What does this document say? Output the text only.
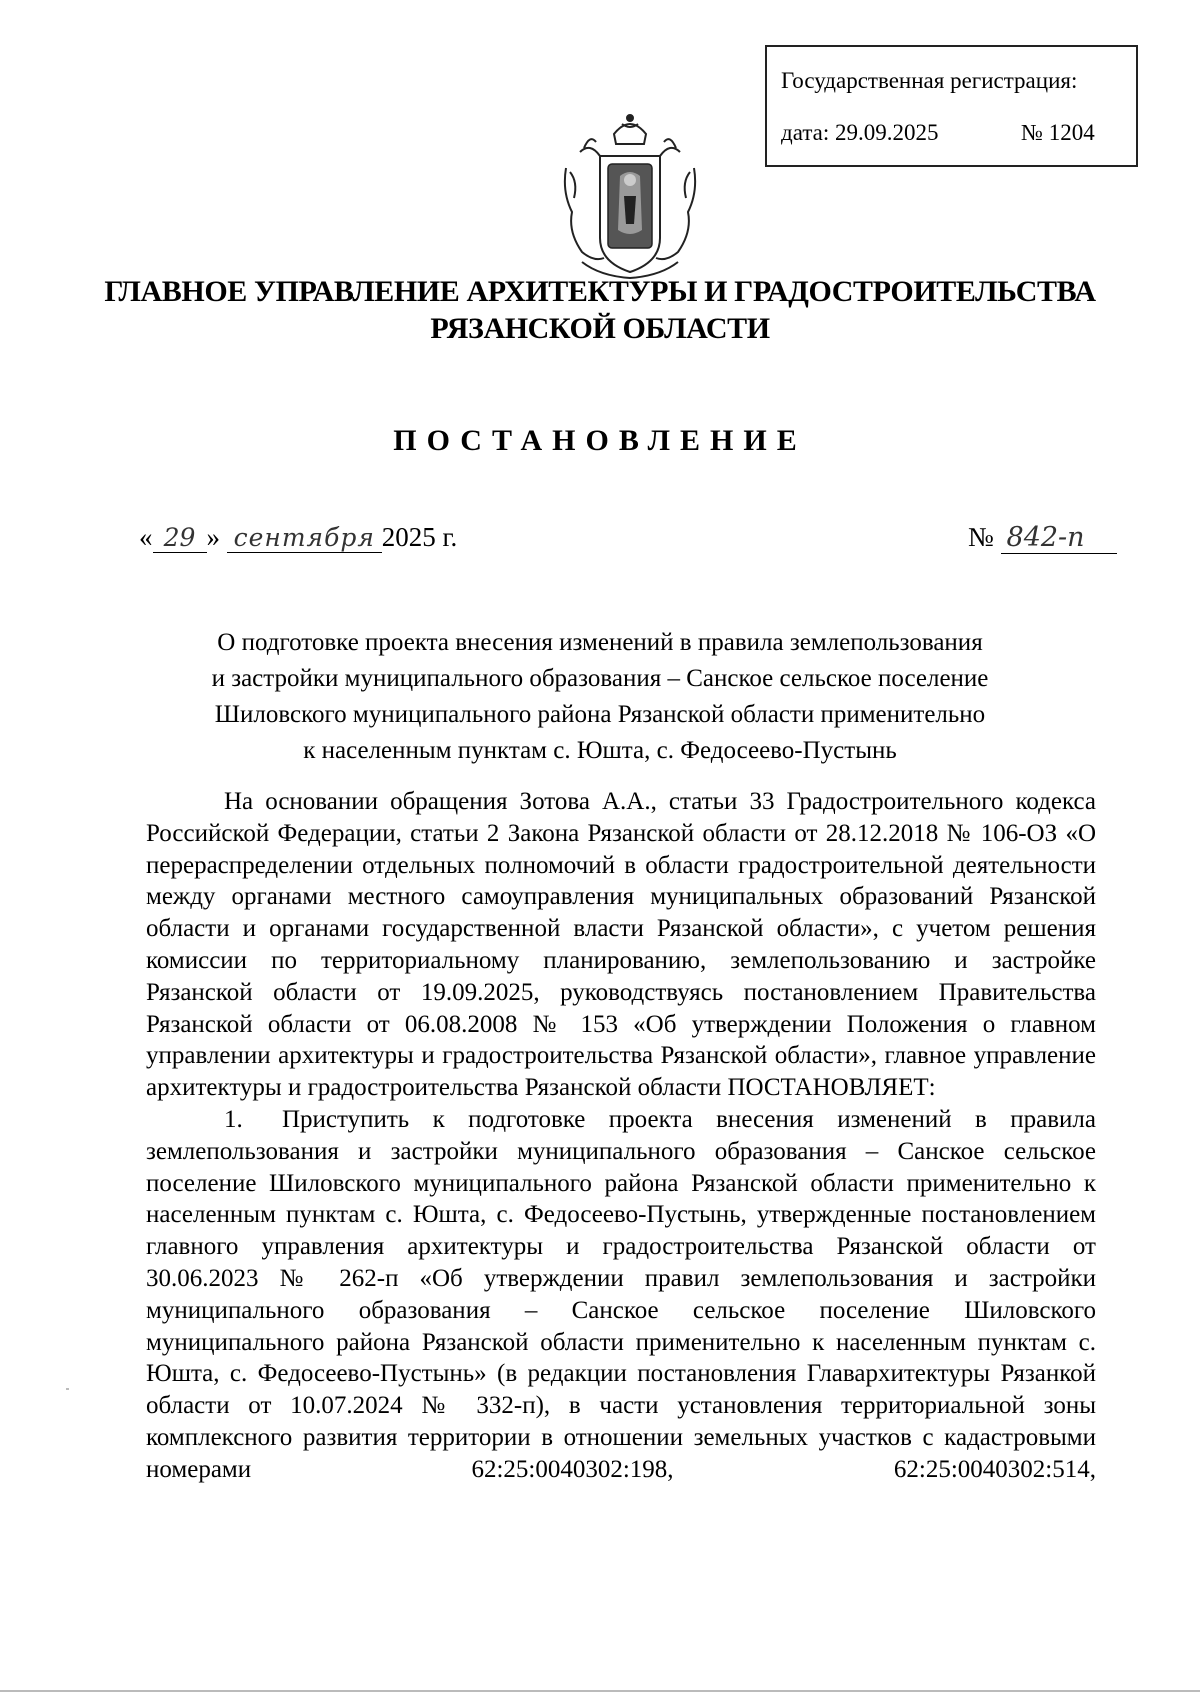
Государственная регистрация:
дата: 29.09.2025	№ 1204
ГЛАВНОЕ УПРАВЛЕНИЕ АРХИТЕКТУРЫ И ГРАДОСТРОИТЕЛЬСТВА
РЯЗАНСКОЙ ОБЛАСТИ
ПОСТАНОВЛЕНИЕ
« 29 » сентября 2025 г.	№ 842-п
О подготовке проекта внесения изменений в правила землепользования
и застройки муниципального образования – Санское сельское поселение
Шиловского муниципального района Рязанской области применительно
к населенным пунктам с. Юшта, с. Федосеево-Пустынь

На основании обращения Зотова А.А., статьи 33 Градостроительного кодекса Российской Федерации, статьи 2 Закона Рязанской области от 28.12.2018 № 106-ОЗ «О перераспределении отдельных полномочий в области градостроительной деятельности между органами местного самоуправления муниципальных образований Рязанской области и органами государственной власти Рязанской области», с учетом решения комиссии по территориальному планированию, землепользованию и застройке Рязанской области от 19.09.2025, руководствуясь постановлением Правительства Рязанской области от 06.08.2008 № 153 «Об утверждении Положения о главном управлении архитектуры и градостроительства Рязанской области», главное управление архитектуры и градостроительства Рязанской области ПОСТАНОВЛЯЕТ:

1. Приступить к подготовке проекта внесения изменений в правила землепользования и застройки муниципального образования – Санское сельское поселение Шиловского муниципального района Рязанской области применительно к населенным пунктам с. Юшта, с. Федосеево-Пустынь, утвержденные постановлением главного управления архитектуры и градостроительства Рязанской области от 30.06.2023 № 262-п «Об утверждении правил землепользования и застройки муниципального образования – Санское сельское поселение Шиловского муниципального района Рязанской области применительно к населенным пунктам с. Юшта, с. Федосеево-Пустынь» (в редакции постановления Главархитектуры Рязанкой области от 10.07.2024 № 332-п), в части установления территориальной зоны комплексного развития территории в отношении земельных участков с кадастровыми номерами 62:25:0040302:198, 62:25:0040302:514,
